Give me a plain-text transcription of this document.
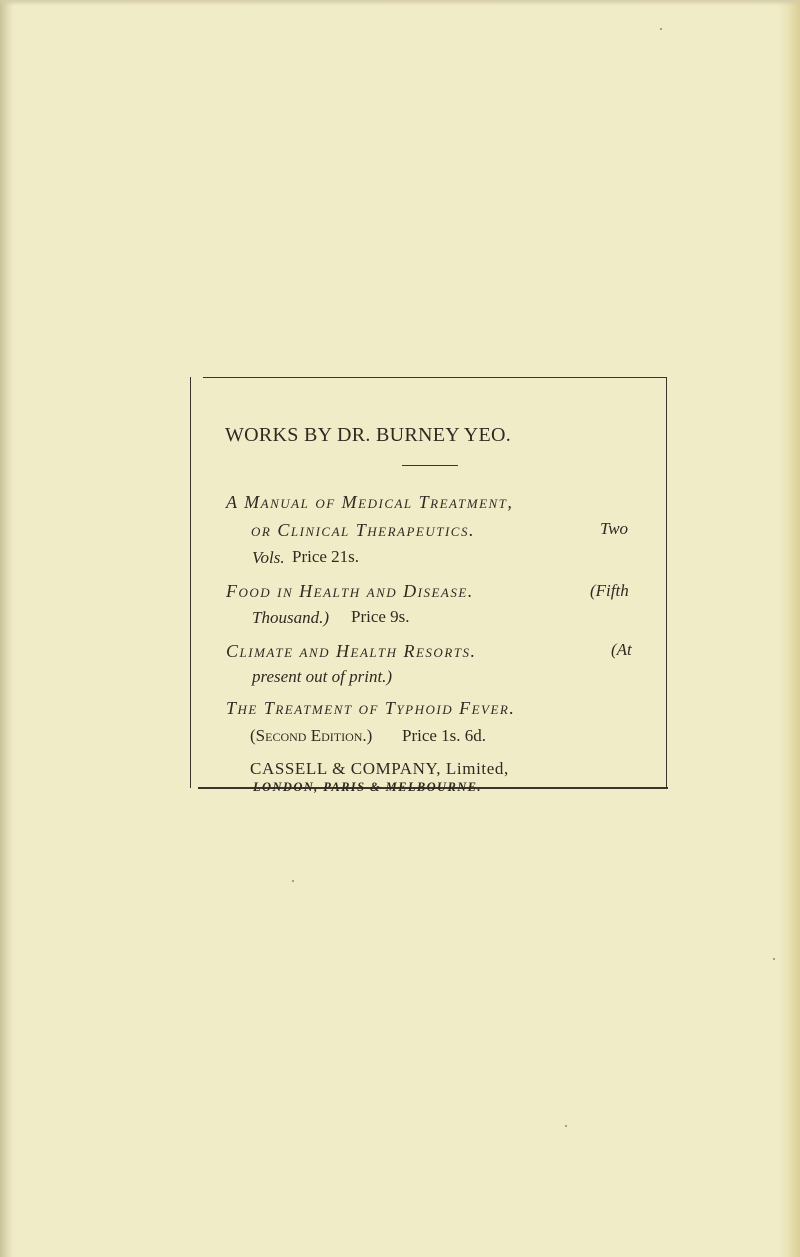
WORKS BY DR. BURNEY YEO.
A Manual of Medical Treatment,
or Clinical Therapeutics.	Two
Vols. Price 21s.
Food in Health and Disease.	(Fifth
Thousand.) Price 9s.
Climate and Health Resorts.	(At
present out of print.)
The Treatment of Typhoid Fever.
(Second Edition.) Price 1s. 6d.
CASSELL & COMPANY, Limited,
LONDON, PARIS & MELBOURNE.
